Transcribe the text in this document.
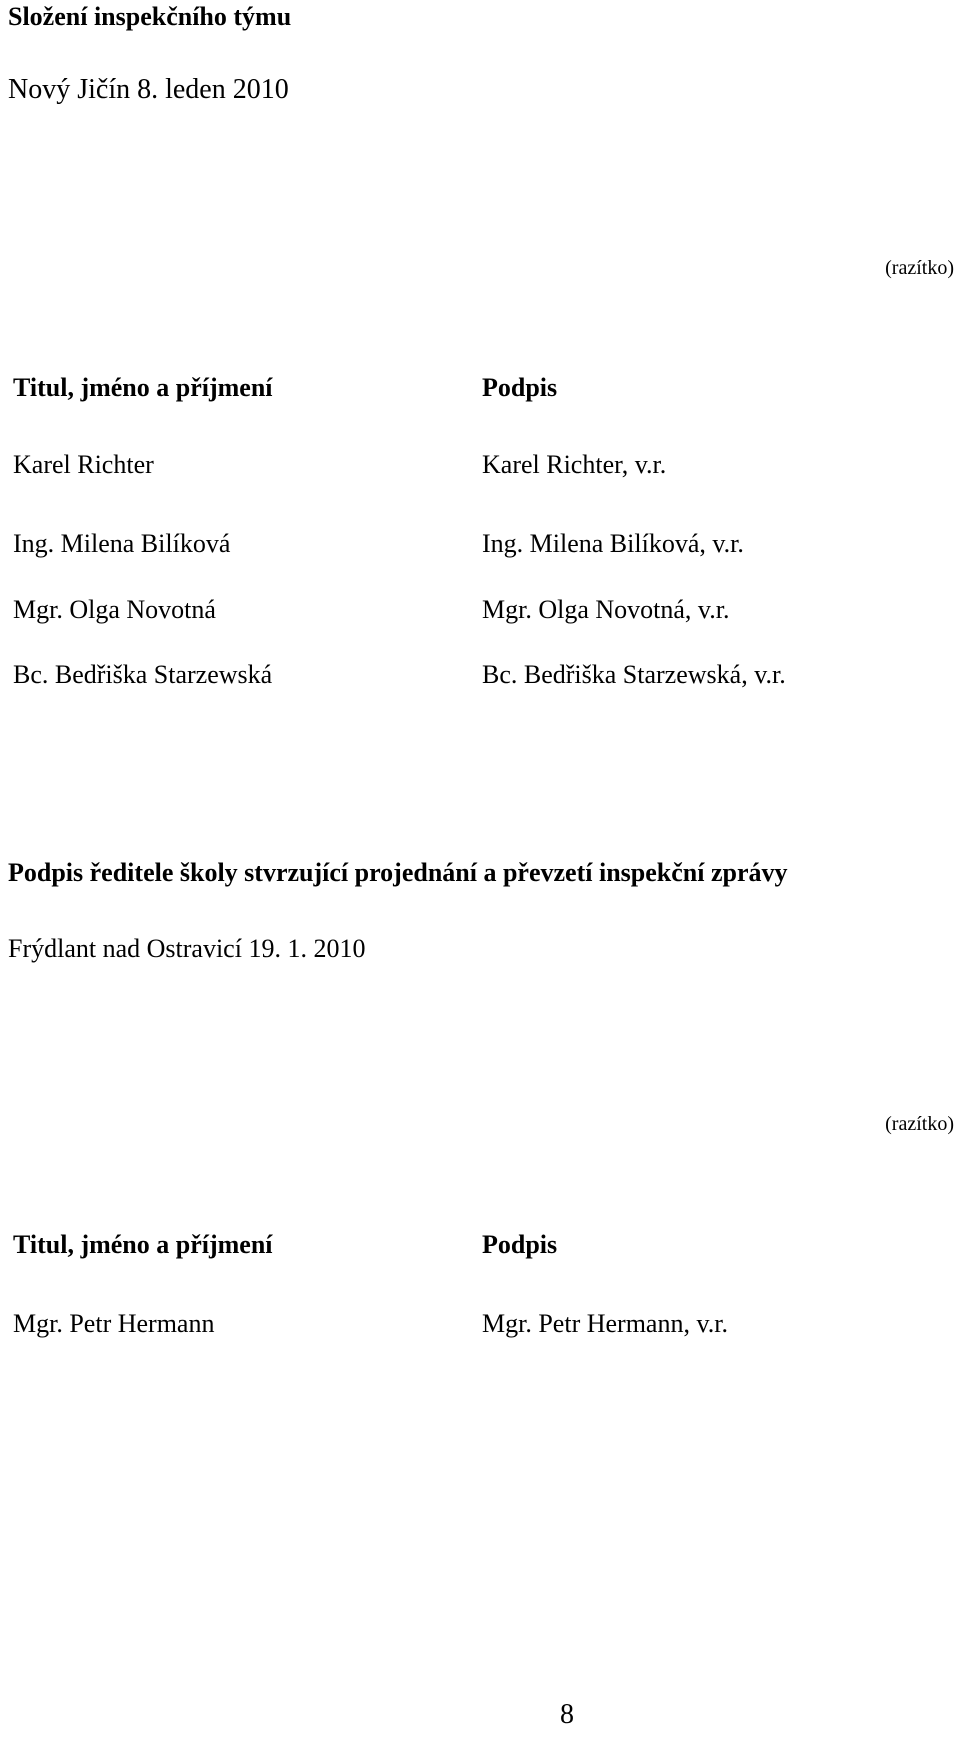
Složení inspekčního týmu
Nový Jičín 8. leden 2010
(razítko)
Titul, jméno a příjmení	Podpis
Karel Richter	Karel Richter, v.r.
Ing. Milena Bilíková	Ing. Milena Bilíková, v.r.
Mgr. Olga Novotná	Mgr. Olga Novotná, v.r.
Bc. Bedřiška Starzewská	Bc. Bedřiška Starzewská, v.r.
Podpis ředitele školy stvrzující projednání a převzetí inspekční zprávy
Frýdlant nad Ostravicí 19. 1. 2010
(razítko)
Titul, jméno a příjmení	Podpis
Mgr. Petr Hermann	Mgr. Petr Hermann, v.r.
8
